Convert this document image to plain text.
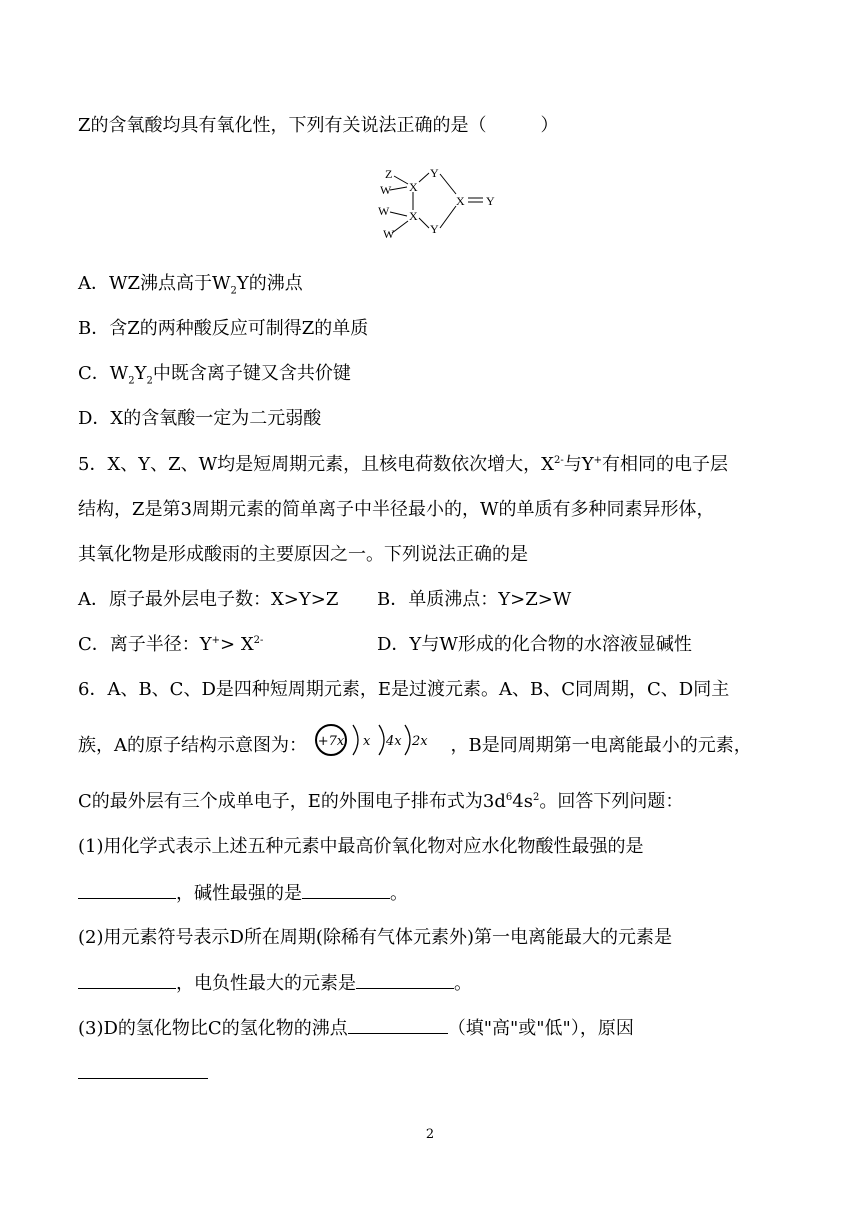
Z的含氧酸均具有氧化性，下列有关说法正确的是（　　　）
Z
W X
W X
W
Y
Y
X Y
A．WZ沸点高于$W_2Y$的沸点
B．含Z的两种酸反应可制得Z的单质
C．$W_2Y_2$中既含离子键又含共价键
D．X的含氧酸一定为二元弱酸
5．X、Y、Z、W均是短周期元素，且核电荷数依次增大，$X^{2-}$与Y+有相同的电子层
结构，Z是第3周期元素的简单离子中半径最小的，W的单质有多种同素异形体，
其氧化物是形成酸雨的主要原因之一。下列说法正确的是
A．原子最外层电子数：X>Y>Z B．单质沸点：Y>Z>W
C．离子半径：$Y^+> X^{2-}$	D．Y与W形成的化合物的水溶液显碱性
6．A、B、C、D是四种短周期元素，E是过渡元素。A、B、C同周期，C、D同主
族，A的原子结构示意图为： +7x x 4x 2x ，B是同周期第一电离能最小的元素，
C的最外层有三个成单电子，E的外围电子排布式为$3d^64s^2$。回答下列问题：
(1)用化学式表示上述五种元素中最高价氧化物对应水化物酸性最强的是
，碱性最强的是	。
(2)用元素符号表示D所在周期(除稀有气体元素外)第一电离能最大的元素是
，电负性最大的元素是	。
(3)D的氢化物比C的氢化物的沸点	（填"高"或"低"），原因
2
